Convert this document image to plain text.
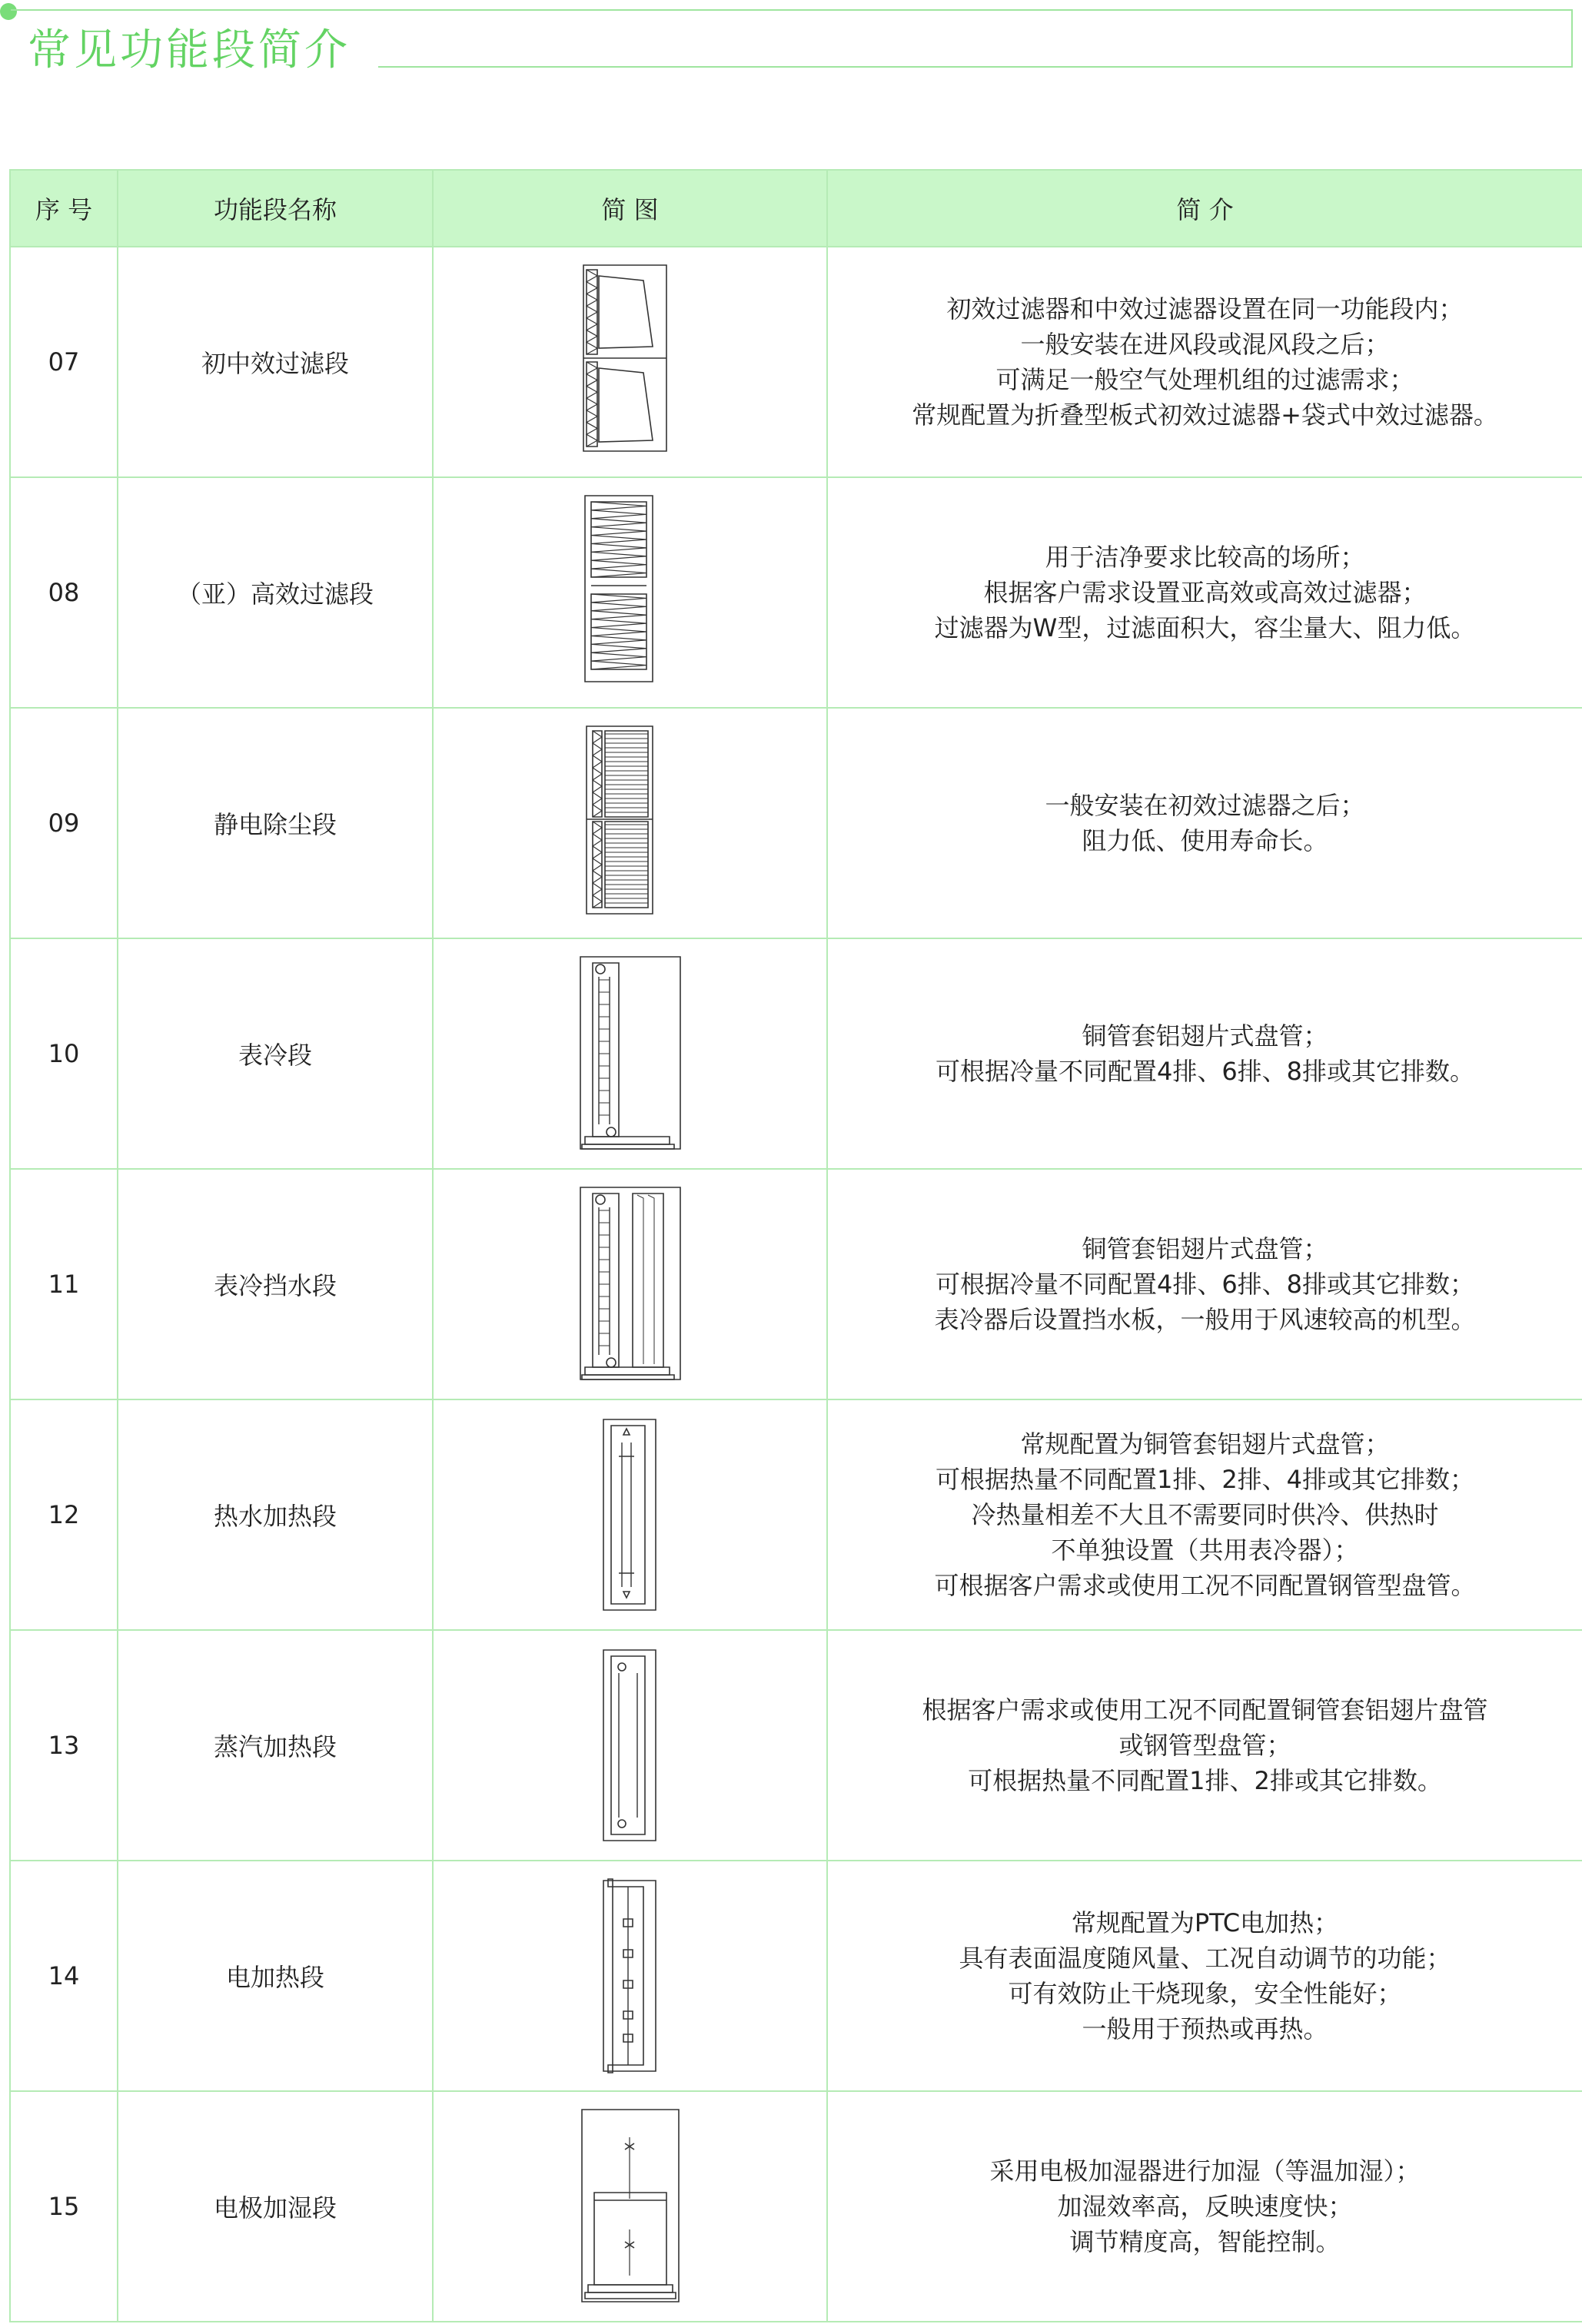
常见功能段简介
序 号	功能段名称	简 图	简 介
07	初中效过滤段		初效过滤器和中效过滤器设置在同一功能段内；
一般安装在进风段或混风段之后；
可满足一般空气处理机组的过滤需求；
常规配置为折叠型板式初效过滤器+袋式中效过滤器。

08	（亚）高效过滤段		用于洁净要求比较高的场所；
根据客户需求设置亚高效或高效过滤器；
过滤器为W型，过滤面积大，容尘量大、阻力低。

09	静电除尘段		一般安装在初效过滤器之后；
阻力低、使用寿命长。

10	表冷段		铜管套铝翅片式盘管；
可根据冷量不同配置4排、6排、8排或其它排数。

11	表冷挡水段		铜管套铝翅片式盘管；
可根据冷量不同配置4排、6排、8排或其它排数；
表冷器后设置挡水板，一般用于风速较高的机型。

12	热水加热段		常规配置为铜管套铝翅片式盘管；
可根据热量不同配置1排、2排、4排或其它排数；
冷热量相差不大且不需要同时供冷、供热时
不单独设置（共用表冷器）；
可根据客户需求或使用工况不同配置钢管型盘管。

13	蒸汽加热段		根据客户需求或使用工况不同配置铜管套铝翅片盘管
或钢管型盘管；
可根据热量不同配置1排、2排或其它排数。

14	电加热段		常规配置为PTC电加热；
具有表面温度随风量、工况自动调节的功能；
可有效防止干烧现象，安全性能好；
一般用于预热或再热。

15	电极加湿段		采用电极加湿器进行加湿（等温加湿）；
加湿效率高，反映速度快；
调节精度高，智能控制。
